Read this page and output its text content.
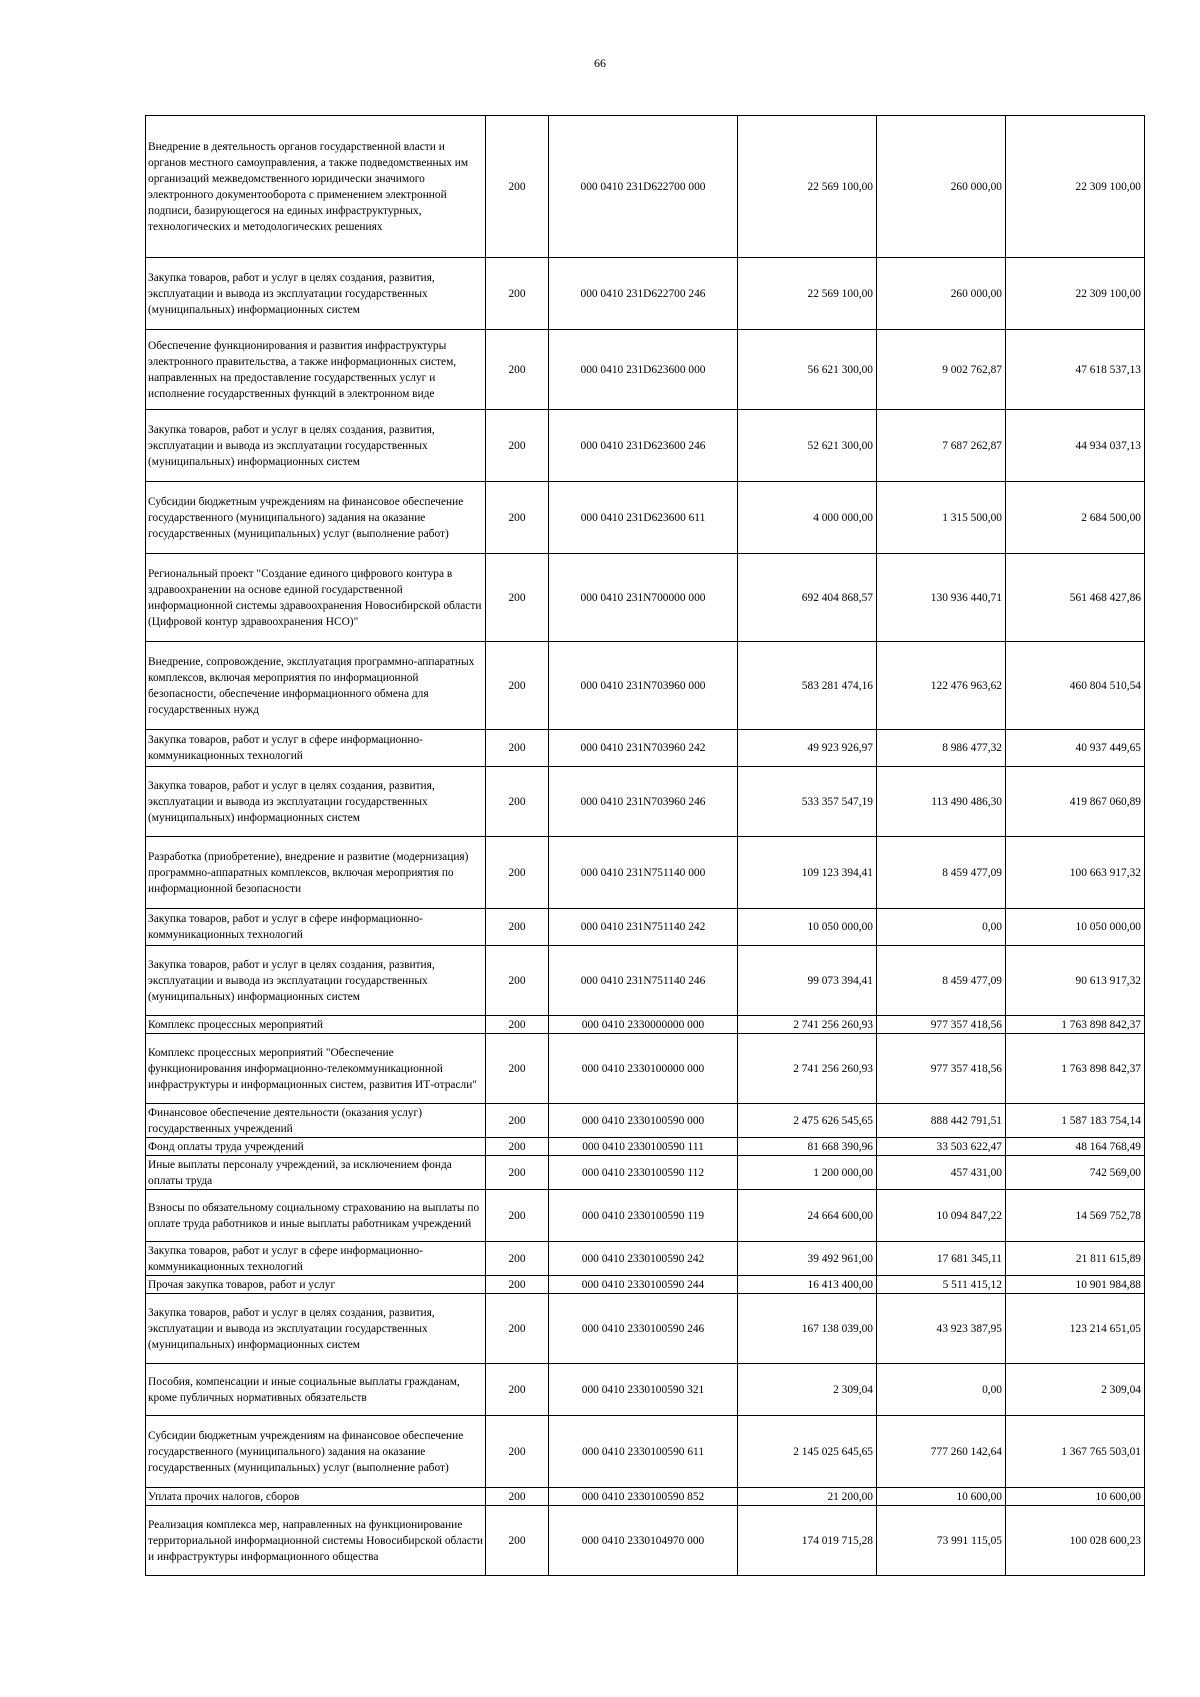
66
Внедрение в деятельность органов государственной власти и органов местного самоуправления, а также подведомственных им организаций межведомственного юридически значимого электронного документооборота с применением электронной подписи, базирующегося на единых инфраструктурных, технологических и методологических решениях	200	000 0410 231D622700 000	22 569 100,00	260 000,00	22 309 100,00
Закупка товаров, работ и услуг в целях создания, развития, эксплуатации и вывода из эксплуатации государственных (муниципальных) информационных систем	200	000 0410 231D622700 246	22 569 100,00	260 000,00	22 309 100,00
Обеспечение функционирования и развития инфраструктуры электронного правительства, а также информационных систем, направленных на предоставление государственных услуг и исполнение государственных функций в электронном виде	200	000 0410 231D623600 000	56 621 300,00	9 002 762,87	47 618 537,13
Закупка товаров, работ и услуг в целях создания, развития, эксплуатации и вывода из эксплуатации государственных (муниципальных) информационных систем	200	000 0410 231D623600 246	52 621 300,00	7 687 262,87	44 934 037,13
Субсидии бюджетным учреждениям на финансовое обеспечение государственного (муниципального) задания на оказание государственных (муниципальных) услуг (выполнение работ)	200	000 0410 231D623600 611	4 000 000,00	1 315 500,00	2 684 500,00
Региональный проект "Создание единого цифрового контура в здравоохранении на основе единой государственной информационной системы здравоохранения Новосибирской области (Цифровой контур здравоохранения НСО)"	200	000 0410 231N700000 000	692 404 868,57	130 936 440,71	561 468 427,86
Внедрение, сопровождение, эксплуатация программно-аппаратных комплексов, включая мероприятия по информационной безопасности, обеспечение информационного обмена для государственных нужд	200	000 0410 231N703960 000	583 281 474,16	122 476 963,62	460 804 510,54
Закупка товаров, работ и услуг в сфере информационно-коммуникационных технологий	200	000 0410 231N703960 242	49 923 926,97	8 986 477,32	40 937 449,65
Закупка товаров, работ и услуг в целях создания, развития, эксплуатации и вывода из эксплуатации государственных (муниципальных) информационных систем	200	000 0410 231N703960 246	533 357 547,19	113 490 486,30	419 867 060,89
Разработка (приобретение), внедрение и развитие (модернизация) программно-аппаратных комплексов, включая мероприятия по информационной безопасности	200	000 0410 231N751140 000	109 123 394,41	8 459 477,09	100 663 917,32
Закупка товаров, работ и услуг в сфере информационно-коммуникационных технологий	200	000 0410 231N751140 242	10 050 000,00	0,00	10 050 000,00
Закупка товаров, работ и услуг в целях создания, развития, эксплуатации и вывода из эксплуатации государственных (муниципальных) информационных систем	200	000 0410 231N751140 246	99 073 394,41	8 459 477,09	90 613 917,32
Комплекс процессных мероприятий	200	000 0410 2330000000 000	2 741 256 260,93	977 357 418,56	1 763 898 842,37
Комплекс процессных мероприятий "Обеспечение функционирования информационно-телекоммуникационной инфраструктуры и информационных систем, развития ИТ-отрасли"	200	000 0410 2330100000 000	2 741 256 260,93	977 357 418,56	1 763 898 842,37
Финансовое обеспечение деятельности (оказания услуг) государственных учреждений	200	000 0410 2330100590 000	2 475 626 545,65	888 442 791,51	1 587 183 754,14
Фонд оплаты труда учреждений	200	000 0410 2330100590 111	81 668 390,96	33 503 622,47	48 164 768,49
Иные выплаты персоналу учреждений, за исключением фонда оплаты труда	200	000 0410 2330100590 112	1 200 000,00	457 431,00	742 569,00
Взносы по обязательному социальному страхованию на выплаты по оплате труда работников и иные выплаты работникам учреждений	200	000 0410 2330100590 119	24 664 600,00	10 094 847,22	14 569 752,78
Закупка товаров, работ и услуг в сфере информационно-коммуникационных технологий	200	000 0410 2330100590 242	39 492 961,00	17 681 345,11	21 811 615,89
Прочая закупка товаров, работ и услуг	200	000 0410 2330100590 244	16 413 400,00	5 511 415,12	10 901 984,88
Закупка товаров, работ и услуг в целях создания, развития, эксплуатации и вывода из эксплуатации государственных (муниципальных) информационных систем	200	000 0410 2330100590 246	167 138 039,00	43 923 387,95	123 214 651,05
Пособия, компенсации и иные социальные выплаты гражданам, кроме публичных нормативных обязательств	200	000 0410 2330100590 321	2 309,04	0,00	2 309,04
Субсидии бюджетным учреждениям на финансовое обеспечение государственного (муниципального) задания на оказание государственных (муниципальных) услуг (выполнение работ)	200	000 0410 2330100590 611	2 145 025 645,65	777 260 142,64	1 367 765 503,01
Уплата прочих налогов, сборов	200	000 0410 2330100590 852	21 200,00	10 600,00	10 600,00
Реализация комплекса мер, направленных на функционирование территориальной информационной системы Новосибирской области и инфраструктуры информационного общества	200	000 0410 2330104970 000	174 019 715,28	73 991 115,05	100 028 600,23
